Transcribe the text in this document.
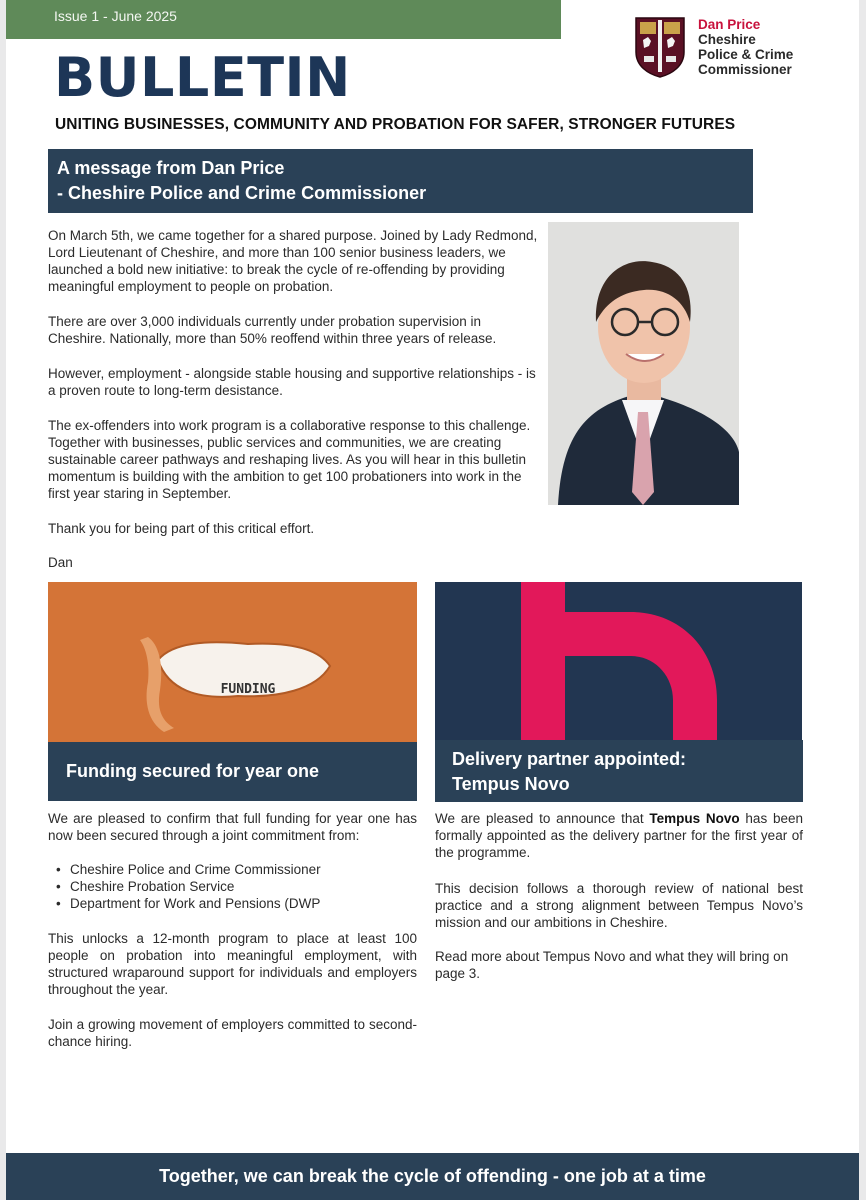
Issue 1 - June 2025
Dan Price
Cheshire
Police & Crime
Commissioner
BULLETIN
UNITING BUSINESSES, COMMUNITY AND PROBATION FOR SAFER, STRONGER FUTURES
A message from Dan Price
- Cheshire Police and Crime Commissioner
On March 5th, we came together for a shared purpose. Joined by Lady Redmond, Lord Lieutenant of Cheshire, and more than 100 senior business leaders, we launched a bold new initiative: to break the cycle of re-offending by providing meaningful employment to people on probation.
There are over 3,000 individuals currently under probation supervision in Cheshire. Nationally, more than 50% reoffend within three years of release.
However, employment - alongside stable housing and supportive relationships - is a proven route to long-term desistance.
The ex-offenders into work program is a collaborative response to this challenge. Together with businesses, public services and communities, we are creating sustainable career pathways and reshaping lives. As you will hear in this bulletin momentum is building with the ambition to get 100 probationers into work in the first year staring in September.
Thank you for being part of this critical effort.
Dan
FUNDING
Funding secured for year one
Delivery partner appointed:
Tempus Novo
We are pleased to confirm that full funding for year one has now been secured through a joint commitment from:
• Cheshire Police and Crime Commissioner
• Cheshire Probation Service
• Department for Work and Pensions (DWP
This unlocks a 12-month program to place at least 100 people on probation into meaningful employment, with structured wraparound support for individuals and employers throughout the year.
Join a growing movement of employers committed to second-chance hiring.
We are pleased to announce that Tempus Novo has been formally appointed as the delivery partner for the first year of the programme.
This decision follows a thorough review of national best practice and a strong alignment between Tempus Novo’s mission and our ambitions in Cheshire.
Read more about Tempus Novo and what they will bring on page 3.
Together, we can break the cycle of offending - one job at a time
